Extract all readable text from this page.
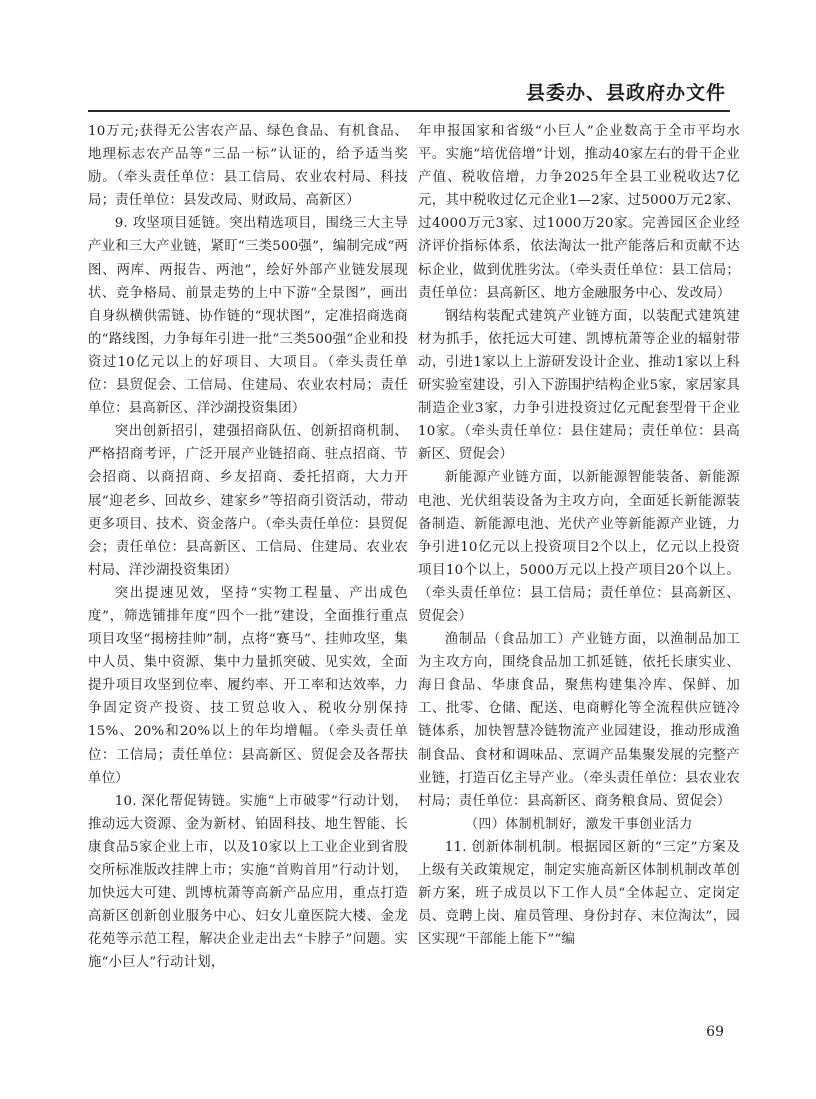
县委办、县政府办文件

10万元;获得无公害农产品、绿色食品、有机食品、地理标志农产品等“三品一标”认证的，给予适当奖励。（牵头责任单位：县工信局、农业农村局、科技局；责任单位：县发改局、财政局、高新区）

9. 攻坚项目延链。突出精选项目，围绕三大主导产业和三大产业链，紧盯“三类500强”，编制完成“两图、两库、两报告、两池”，绘好外部产业链发展现状、竞争格局、前景走势的上中下游“全景图”，画出自身纵横供需链、协作链的“现状图”，定准招商选商的“路线图，力争每年引进一批“三类500强”企业和投资过10亿元以上的好项目、大项目。（牵头责任单位：县贸促会、工信局、住建局、农业农村局；责任单位：县高新区、洋沙湖投资集团）

突出创新招引，建强招商队伍、创新招商机制、严格招商考评，广泛开展产业链招商、驻点招商、节会招商、以商招商、乡友招商、委托招商，大力开展“迎老乡、回故乡、建家乡”等招商引资活动，带动更多项目、技术、资金落户。（牵头责任单位：县贸促会；责任单位：县高新区、工信局、住建局、农业农村局、洋沙湖投资集团）

突出提速见效，坚持“实物工程量、产出成色度”，筛选铺排年度“四个一批”建设，全面推行重点项目攻坚“揭榜挂帅”制，点将“赛马”、挂帅攻坚，集中人员、集中资源、集中力量抓突破、见实效，全面提升项目攻坚到位率、履约率、开工率和达效率，力争固定资产投资、技工贸总收入、税收分别保持15%、20%和20%以上的年均增幅。（牵头责任单位：工信局；责任单位：县高新区、贸促会及各帮扶单位）

10. 深化帮促铸链。实施“上市破零”行动计划，推动远大资源、金为新材、铂固科技、地生智能、长康食品5家企业上市，以及10家以上工业企业到省股交所标准版改挂牌上市；实施“首购首用”行动计划，加快远大可建、凯博杭萧等高新产品应用，重点打造高新区创新创业服务中心、妇女儿童医院大楼、金龙花苑等示范工程，解决企业走出去“卡脖子”问题。实施“小巨人”行动计划，

年申报国家和省级“小巨人”企业数高于全市平均水平。实施“培优倍增”计划，推动40家左右的骨干企业产值、税收倍增，力争2025年全县工业税收达7亿元，其中税收过亿元企业1—2家、过5000万元2家、过4000万元3家、过1000万20家。完善园区企业经济评价指标体系，依法淘汰一批产能落后和贡献不达标企业，做到优胜劣汰。（牵头责任单位：县工信局；责任单位：县高新区、地方金融服务中心、发改局）

钢结构装配式建筑产业链方面，以装配式建筑建材为抓手，依托远大可建、凯博杭萧等企业的辐射带动，引进1家以上上游研发设计企业、推动1家以上科研实验室建设，引入下游围护结构企业5家，家居家具制造企业3家，力争引进投资过亿元配套型骨干企业10家。（牵头责任单位：县住建局；责任单位：县高新区、贸促会）

新能源产业链方面，以新能源智能装备、新能源电池、光伏组装设备为主攻方向，全面延长新能源装备制造、新能源电池、光伏产业等新能源产业链，力争引进10亿元以上投资项目2个以上，亿元以上投资项目10个以上，5000万元以上投产项目20个以上。（牵头责任单位：县工信局；责任单位：县高新区、贸促会）

渔制品（食品加工）产业链方面，以渔制品加工为主攻方向，围绕食品加工抓延链，依托长康实业、海日食品、华康食品，聚焦构建集冷库、保鲜、加工、批零、仓储、配送、电商孵化等全流程供应链冷链体系，加快智慧冷链物流产业园建设，推动形成渔制食品、食材和调味品、烹调产品集聚发展的完整产业链，打造百亿主导产业。（牵头责任单位：县农业农村局；责任单位：县高新区、商务粮食局、贸促会）

（四）体制机制好，激发干事创业活力

11. 创新体制机制。根据园区新的“三定”方案及上级有关政策规定，制定实施高新区体制机制改革创新方案，班子成员以下工作人员“全体起立、定岗定员、竞聘上岗、雇员管理、身份封存、末位淘汰”，园区实现“干部能上能下”“编

69
